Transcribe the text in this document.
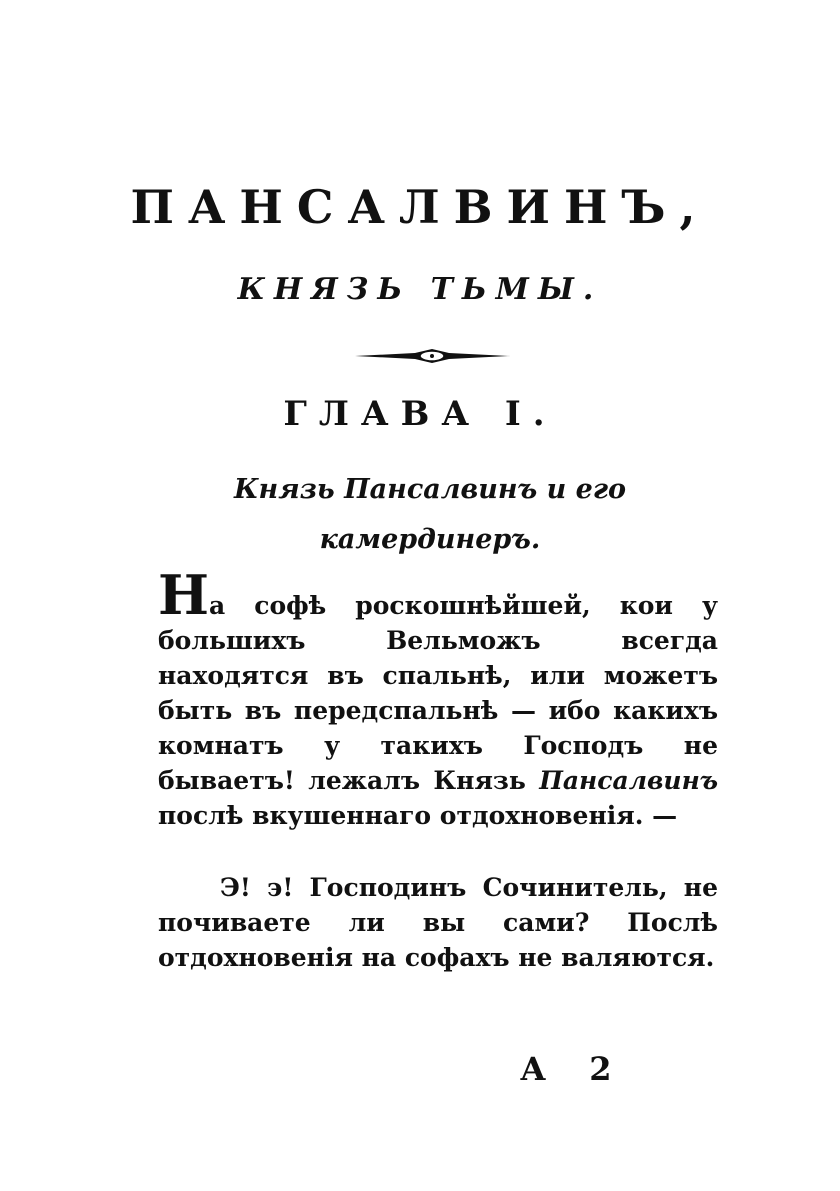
ПАНСАЛВИНЪ,
КНЯЗЬ ТЬМЫ.
ГЛАВА I.
Князь Пансалвинъ и его камердинеръ.
На софѣ роскошнѣйшей, кои у большихъ Вельможъ всегда находятся въ спальнѣ, или можетъ быть въ передспальнѣ — ибо какихъ комнатъ у такихъ Господъ не бываетъ! лежалъ Князь Пансалвинъ послѣ вкушеннаго отдохновенія. —
Э! э! Господинъ Сочинитель, не почиваете ли вы сами? Послѣ отдохновенія на софахъ не валяются.
А 2
